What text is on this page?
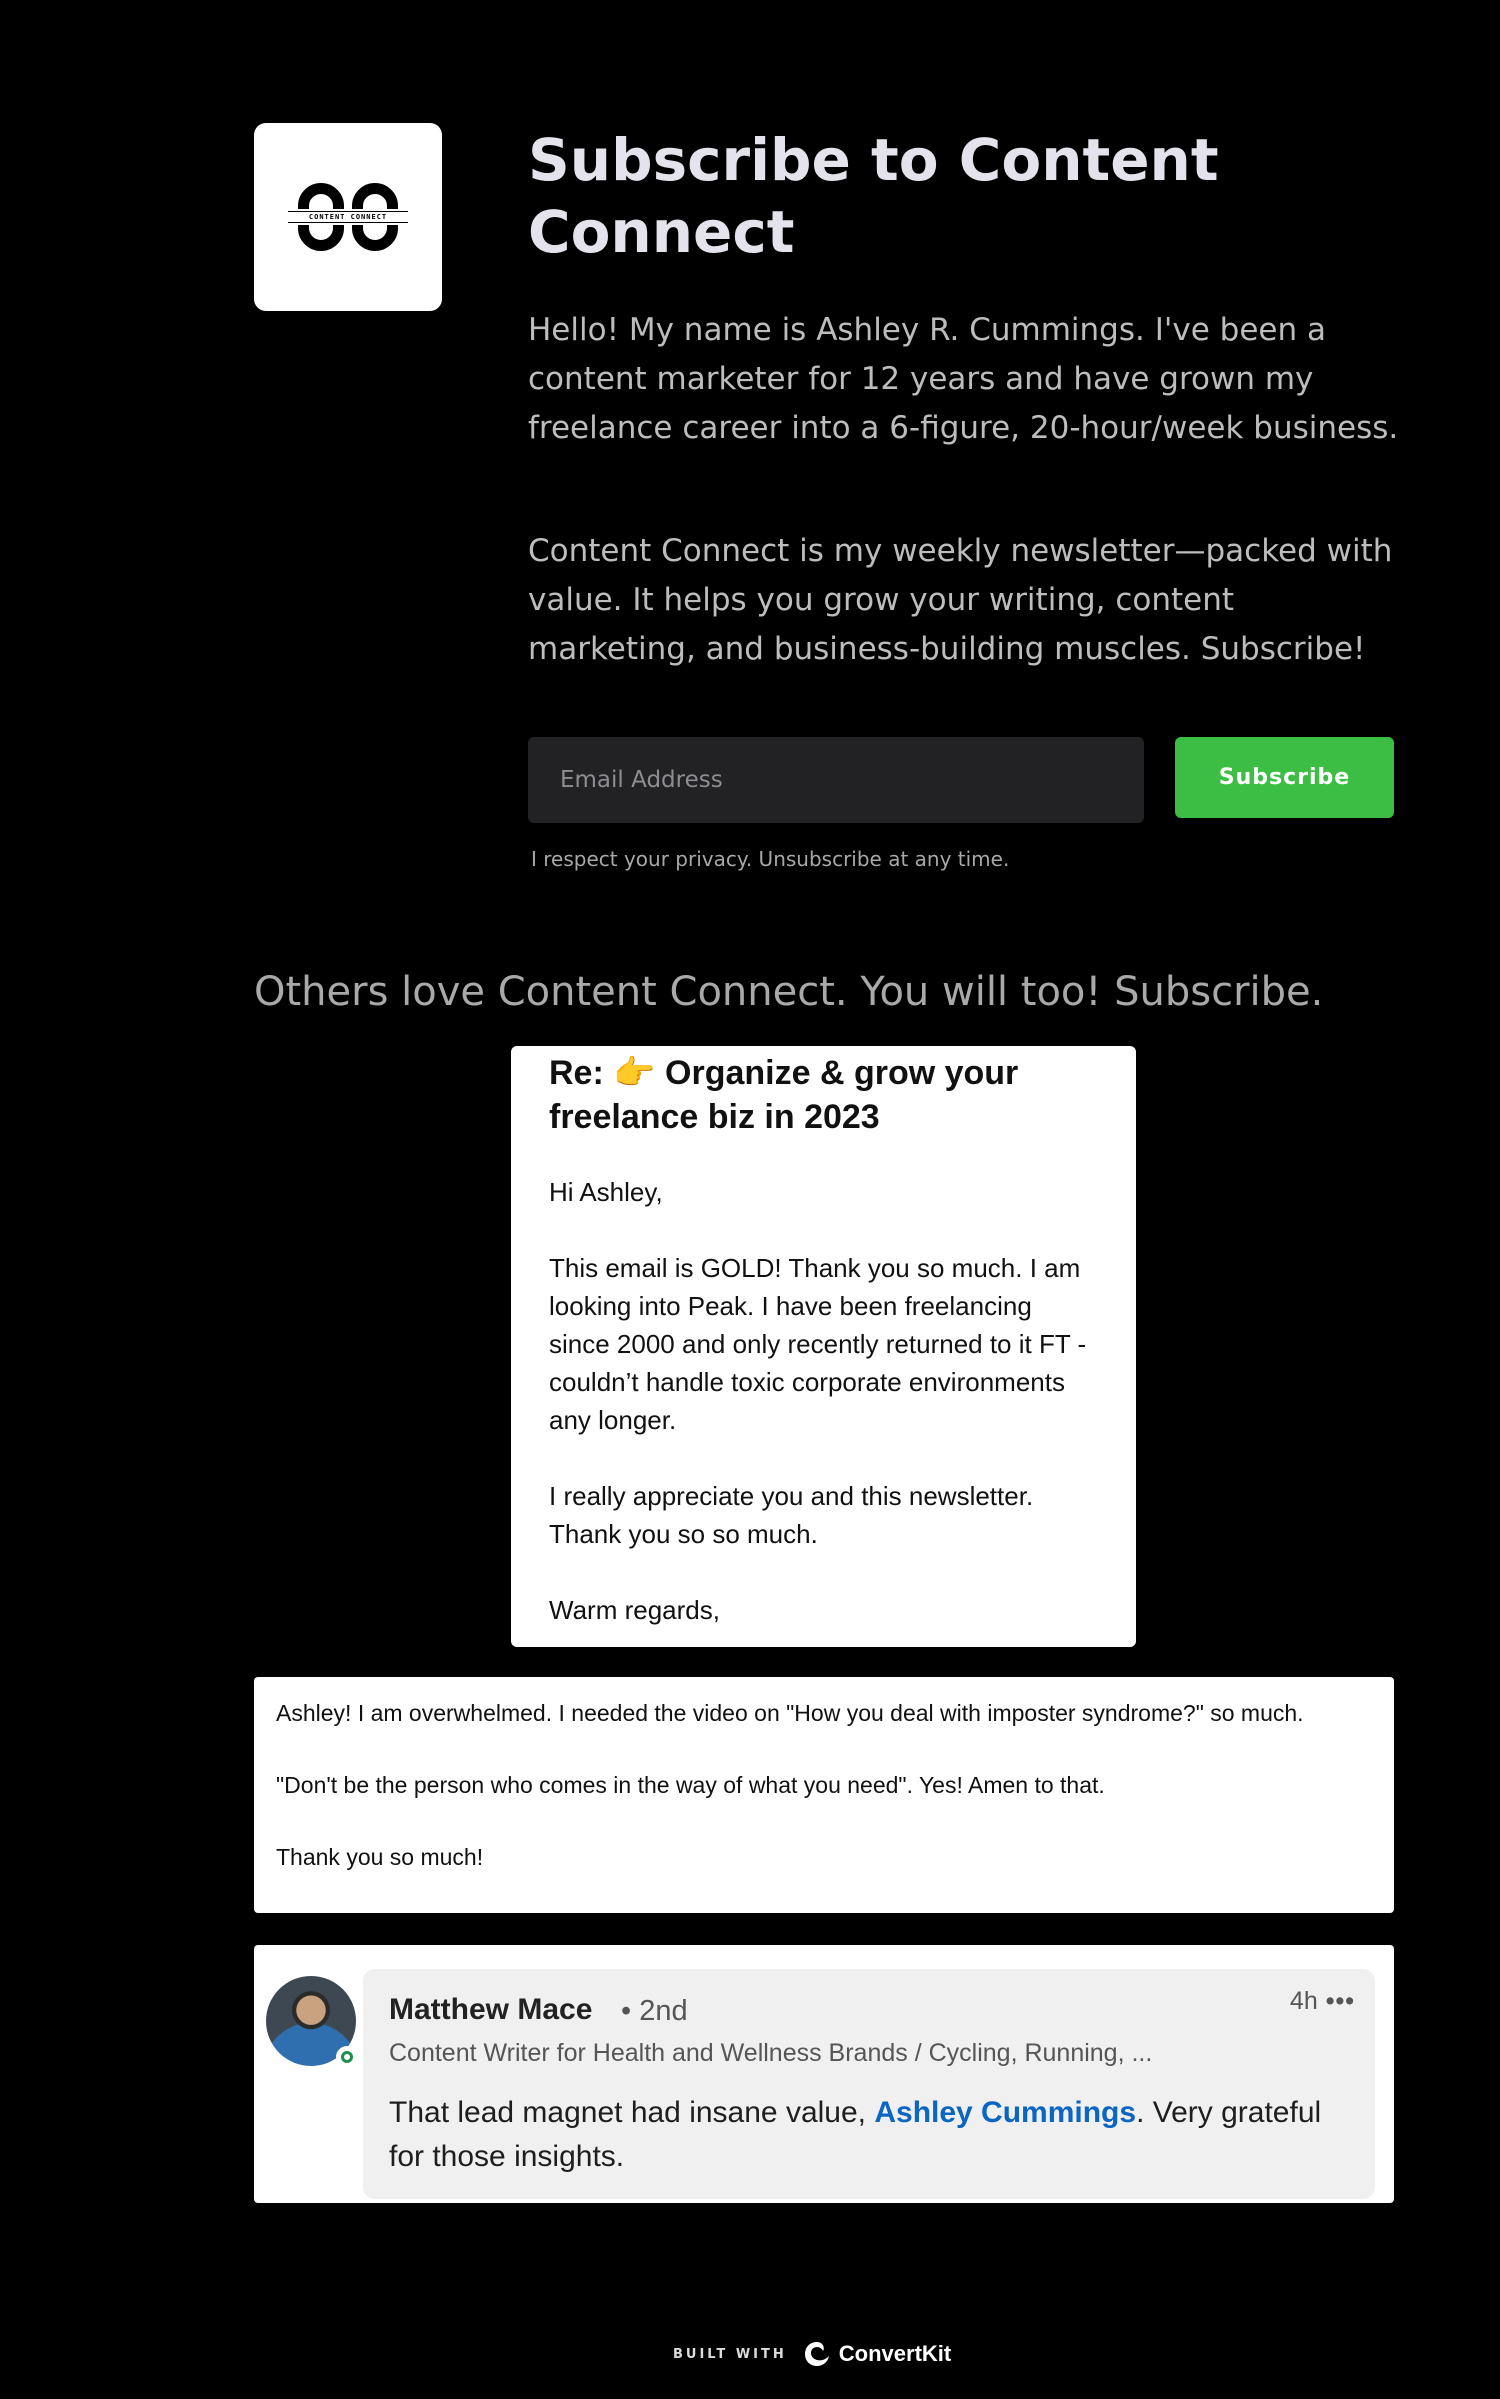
CONTENT CONNECT
Subscribe to Content Connect

Hello! My name is Ashley R. Cummings. I've been a content marketer for 12 years and have grown my freelance career into a 6-figure, 20-hour/week business.

Content Connect is my weekly newsletter—packed with value. It helps you grow your writing, content marketing, and business-building muscles. Subscribe!

Email Address
Subscribe

I respect your privacy. Unsubscribe at any time.

Others love Content Connect. You will too! Subscribe.

Re: 👉 Organize & grow your freelance biz in 2023

Hi Ashley,

This email is GOLD! Thank you so much. I am looking into Peak. I have been freelancing since 2000 and only recently returned to it FT - couldn’t handle toxic corporate environments any longer.

I really appreciate you and this newsletter. Thank you so so much.

Warm regards,

Ashley! I am overwhelmed. I needed the video on "How you deal with imposter syndrome?" so much.

"Don't be the person who comes in the way of what you need". Yes! Amen to that.

Thank you so much!

Matthew Mace • 2nd	4h •••
Content Writer for Health and Wellness Brands / Cycling, Running, ...

That lead magnet had insane value, Ashley Cummings. Very grateful for those insights.

BUILT WITH ConvertKit
